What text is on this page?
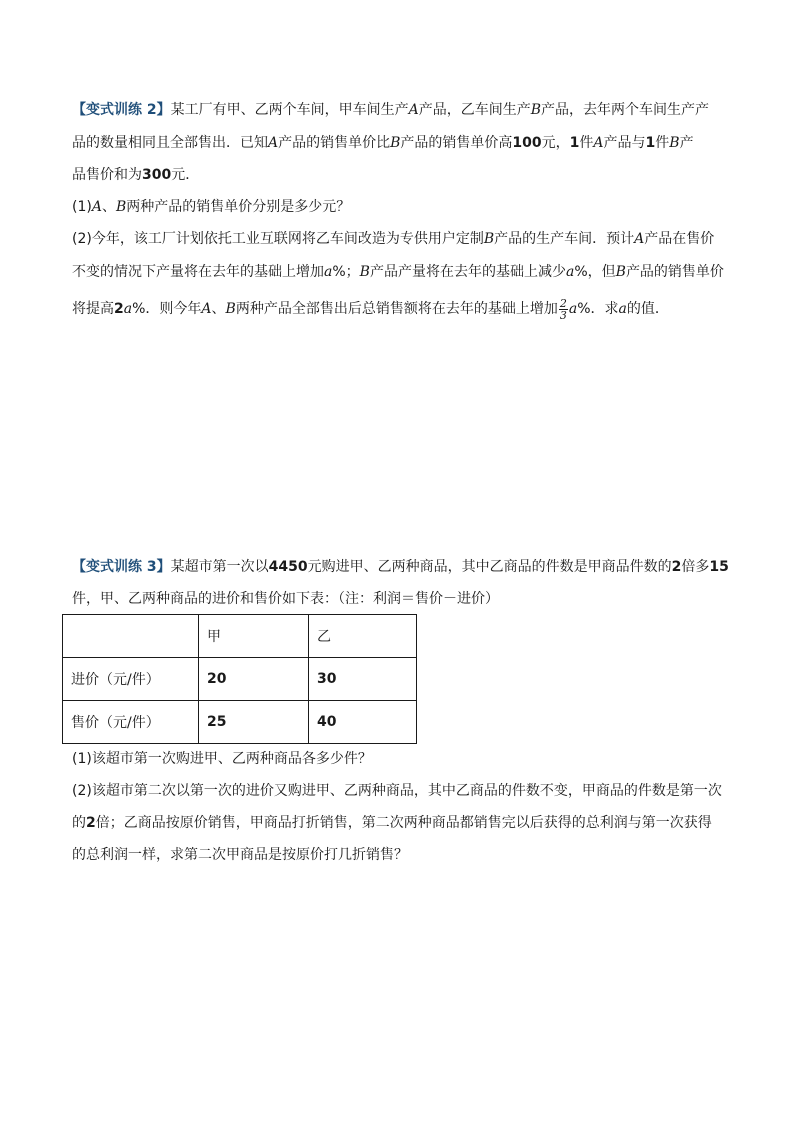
【变式训练 2】某工厂有甲、乙两个车间，甲车间生产A产品，乙车间生产B产品，去年两个车间生产产
品的数量相同且全部售出．已知A产品的销售单价比B产品的销售单价高100元，1件A产品与1件B产
品售价和为300元．
(1)A、B两种产品的销售单价分别是多少元？
(2)今年，该工厂计划依托工业互联网将乙车间改造为专供用户定制B产品的生产车间．预计A产品在售价
不变的情况下产量将在去年的基础上增加a%；B产品产量将在去年的基础上减少a%，但B产品的销售单价
将提高2a%．则今年A、B两种产品全部售出后总销售额将在去年的基础上增加 $\frac{2}{3} a\%$．求a的值．
【变式训练 3】某超市第一次以4450元购进甲、乙两种商品，其中乙商品的件数是甲商品件数的2倍多15
件，甲、乙两种商品的进价和售价如下表：（注：利润＝售价－进价）
	甲	乙
进价（元/件）	20	30
售价（元/件）	25	40
(1)该超市第一次购进甲、乙两种商品各多少件？
(2)该超市第二次以第一次的进价又购进甲、乙两种商品，其中乙商品的件数不变，甲商品的件数是第一次
的2倍；乙商品按原价销售，甲商品打折销售，第二次两种商品都销售完以后获得的总利润与第一次获得
的总利润一样，求第二次甲商品是按原价打几折销售？
